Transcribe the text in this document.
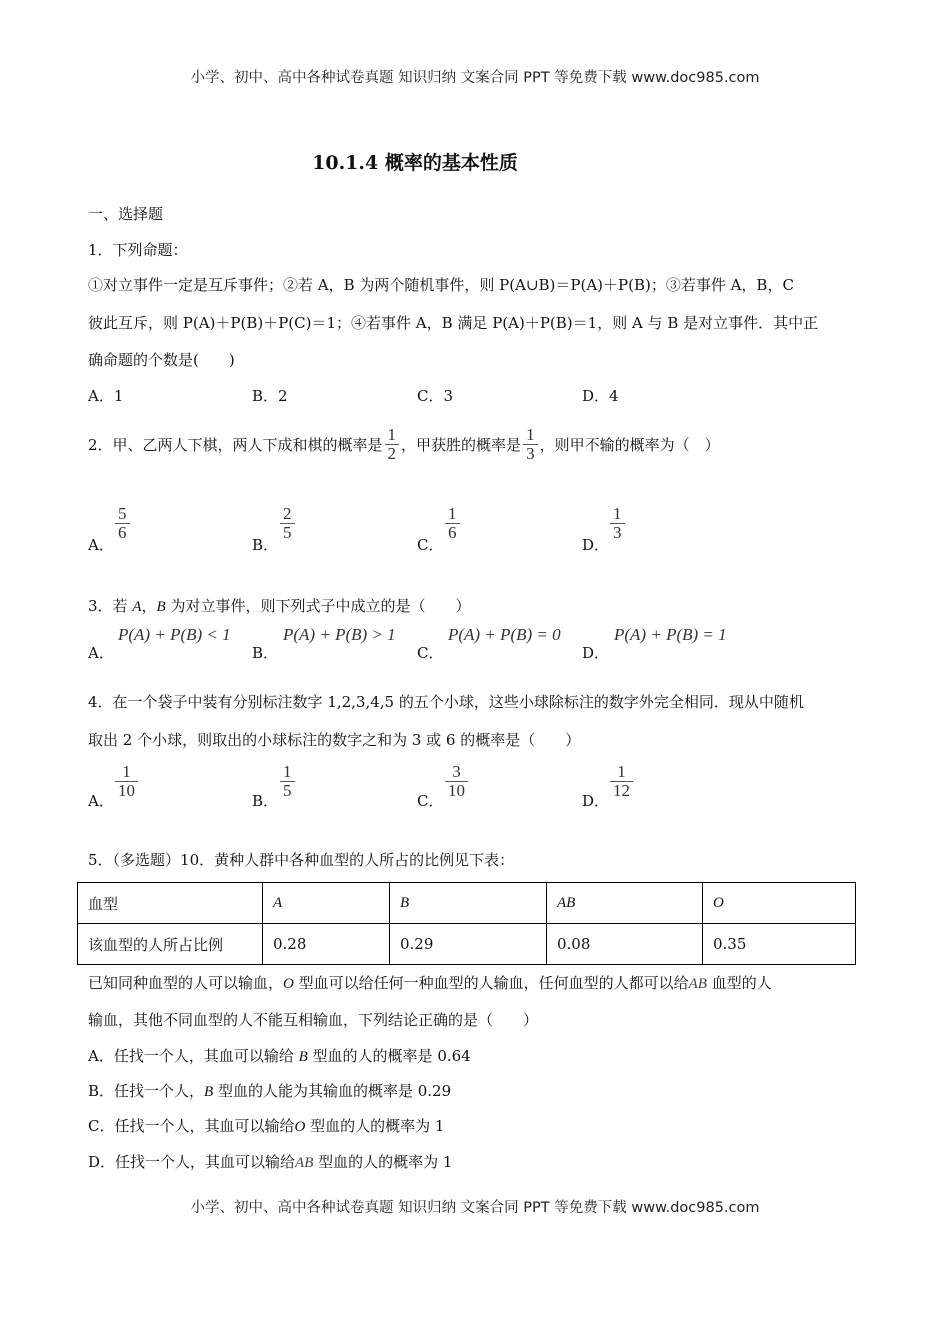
小学、初中、高中各种试卷真题 知识归纳 文案合同 PPT 等免费下载 www.doc985.com
10.1.4 概率的基本性质
一、选择题
1．下列命题：
①对立事件一定是互斥事件；②若 A，B 为两个随机事件，则 P(A∪B)＝P(A)＋P(B)；③若事件 A，B，C
彼此互斥，则 P(A)＋P(B)＋P(C)＝1；④若事件 A，B 满足 P(A)＋P(B)＝1，则 A 与 B 是对立事件．其中正
确命题的个数是(　　)
A．1	B．2	C．3	D．4
2．甲、乙两人下棋，两人下成和棋的概率是 $\frac{1}{2}$ ，甲获胜的概率是 $\frac{1}{3}$ ，则甲不输的概率为（　）
A．
$\frac{5}{6}$
B．
$\frac{2}{5}$
C．
$\frac{1}{6}$
D．
$\frac{1}{3}$
3．若 A，B 为对立事件，则下列式子中成立的是（　　）
A．
P(A) + P(B) < 1
B．
P(A) + P(B) > 1
C．
P(A) + P(B) = 0
D．
P(A) + P(B) = 1
4．在一个袋子中装有分别标注数字 1,2,3,4,5 的五个小球，这些小球除标注的数字外完全相同．现从中随机
取出 2 个小球，则取出的小球标注的数字之和为 3 或 6 的概率是（　　）
A．
$\frac{1}{10}$
B．
$\frac{1}{5}$
C．
$\frac{3}{10}$
D．
$\frac{1}{12}$
5．（多选题）10．黄种人群中各种血型的人所占的比例见下表：
血型	A	B	AB	O
该血型的人所占比例	0.28	0.29	0.08	0.35
已知同种血型的人可以输血，O 型血可以给任何一种血型的人输血，任何血型的人都可以给AB 血型的人
输血，其他不同血型的人不能互相输血，下列结论正确的是（　　）
A．任找一个人，其血可以输给 B 型血的人的概率是 0.64
B．任找一个人，B 型血的人能为其输血的概率是 0.29
C．任找一个人，其血可以输给O 型血的人的概率为 1
D．任找一个人，其血可以输给AB 型血的人的概率为 1
小学、初中、高中各种试卷真题 知识归纳 文案合同 PPT 等免费下载 www.doc985.com
